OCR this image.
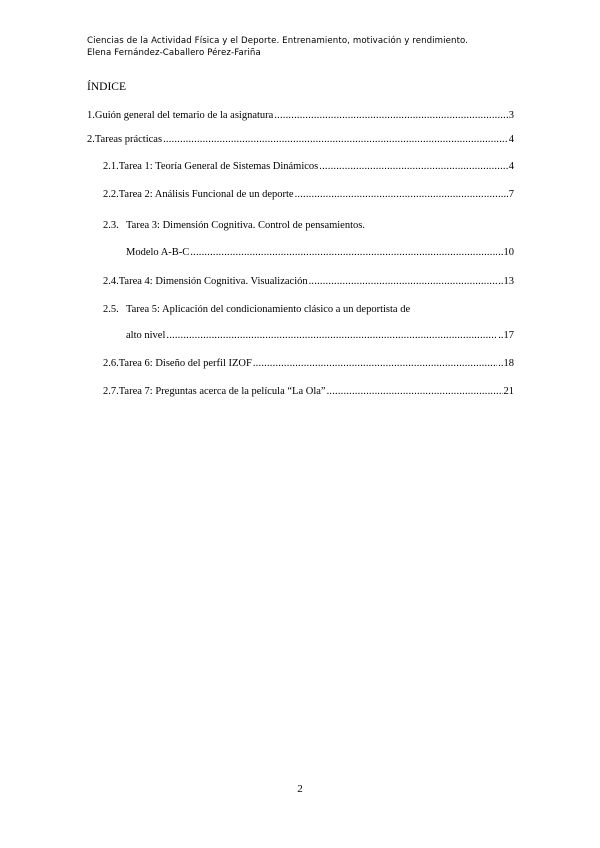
Ciencias de la Actividad Física y el Deporte. Entrenamiento, motivación y rendimiento.
Elena Fernández-Caballero Pérez-Fariña
ÍNDICE
1. Guión general del temario de la asignatura .....	3
2. Tareas prácticas .....	4
2.1. Tarea 1: Teoría General de Sistemas Dinámicos .....	4
2.2. Tarea 2: Análisis Funcional de un deporte .....	..7
2.3. Tarea 3: Dimensión Cognitiva. Control de pensamientos.
Modelo A-B-C .....	..10
2.4. Tarea 4: Dimensión Cognitiva. Visualización .....	..13
2.5. Tarea 5: Aplicación del condicionamiento clásico a un deportista de
alto nivel .....	..17
2.6. Tarea 6: Diseño del perfil IZOF .....	..18
2.7. Tarea 7: Preguntas acerca de la película “La Ola” .....	21
2
